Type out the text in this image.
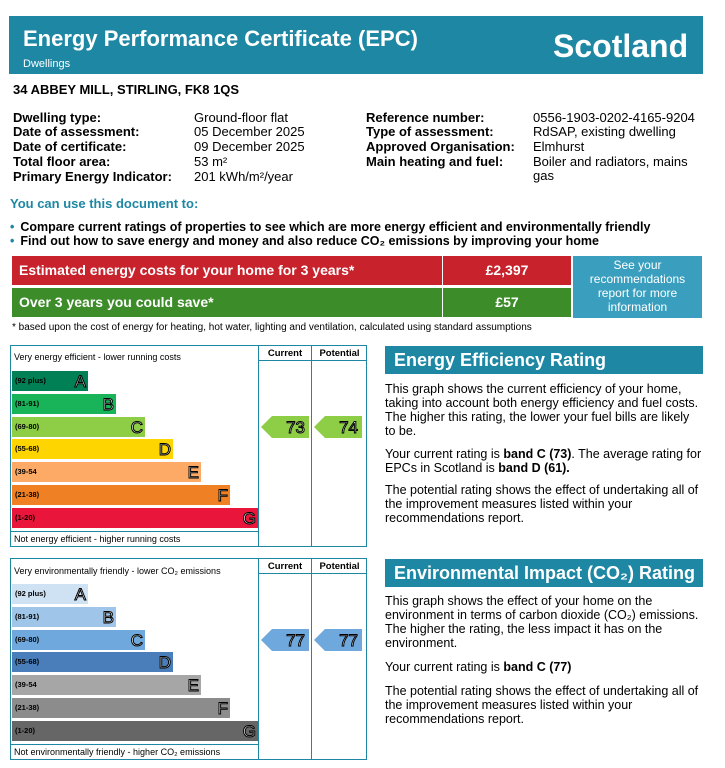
Energy Performance Certificate (EPC)
Dwellings	Scotland
34 ABBEY MILL, STIRLING, FK8 1QS
Dwelling type:	Ground-floor flat
Date of assessment:	05 December 2025
Date of certificate:	09 December 2025
Total floor area:	53 m²
Primary Energy Indicator: 201 kWh/m²/year
Reference number:	0556-1903-0202-4165-9204
Type of assessment:	RdSAP, existing dwelling
Approved Organisation: Elmhurst
Main heating and fuel: Boiler and radiators, mains
gas
You can use this document to:
• Compare current ratings of properties to see which are more energy efficient and environmentally friendly
• Find out how to save energy and money and also reduce CO₂ emissions by improving your home
Estimated energy costs for your home for 3 years*	£2,397
Over 3 years you could save*	£57
See your
recommendations
report for more
information
* based upon the cost of energy for heating, hot water, lighting and ventilation, calculated using standard assumptions
Current	Potential
Very energy efficient - lower running costs
Not energy efficient - higher running costs
(92 plus) A
(81-91)	B
(69-80)	C
(55-68)	D
(39-54	E
(21-38)	F
(1-20)	G
73 74
Current	Potential
Very environmentally friendly - lower CO₂ emissions
Not environmentally friendly - higher CO₂ emissions
(92 plus) A
(81-91)	B
(69-80)	C
(55-68)	D
(39-54	E
(21-38)	F
(1-20)	G
77 77
Energy Efficiency Rating
This graph shows the current efficiency of your home, taking into account both energy efficiency and fuel costs. The higher this rating, the lower your fuel bills are likely to be.
Your current rating is band C (73). The average rating for EPCs in Scotland is band D (61).
The potential rating shows the effect of undertaking all of the improvement measures listed within your recommendations report.
Environmental Impact (CO₂) Rating
This graph shows the effect of your home on the environment in terms of carbon dioxide (CO₂) emissions. The higher the rating, the less impact it has on the environment.
Your current rating is band C (77)
The potential rating shows the effect of undertaking all of the improvement measures listed within your recommendations report.
